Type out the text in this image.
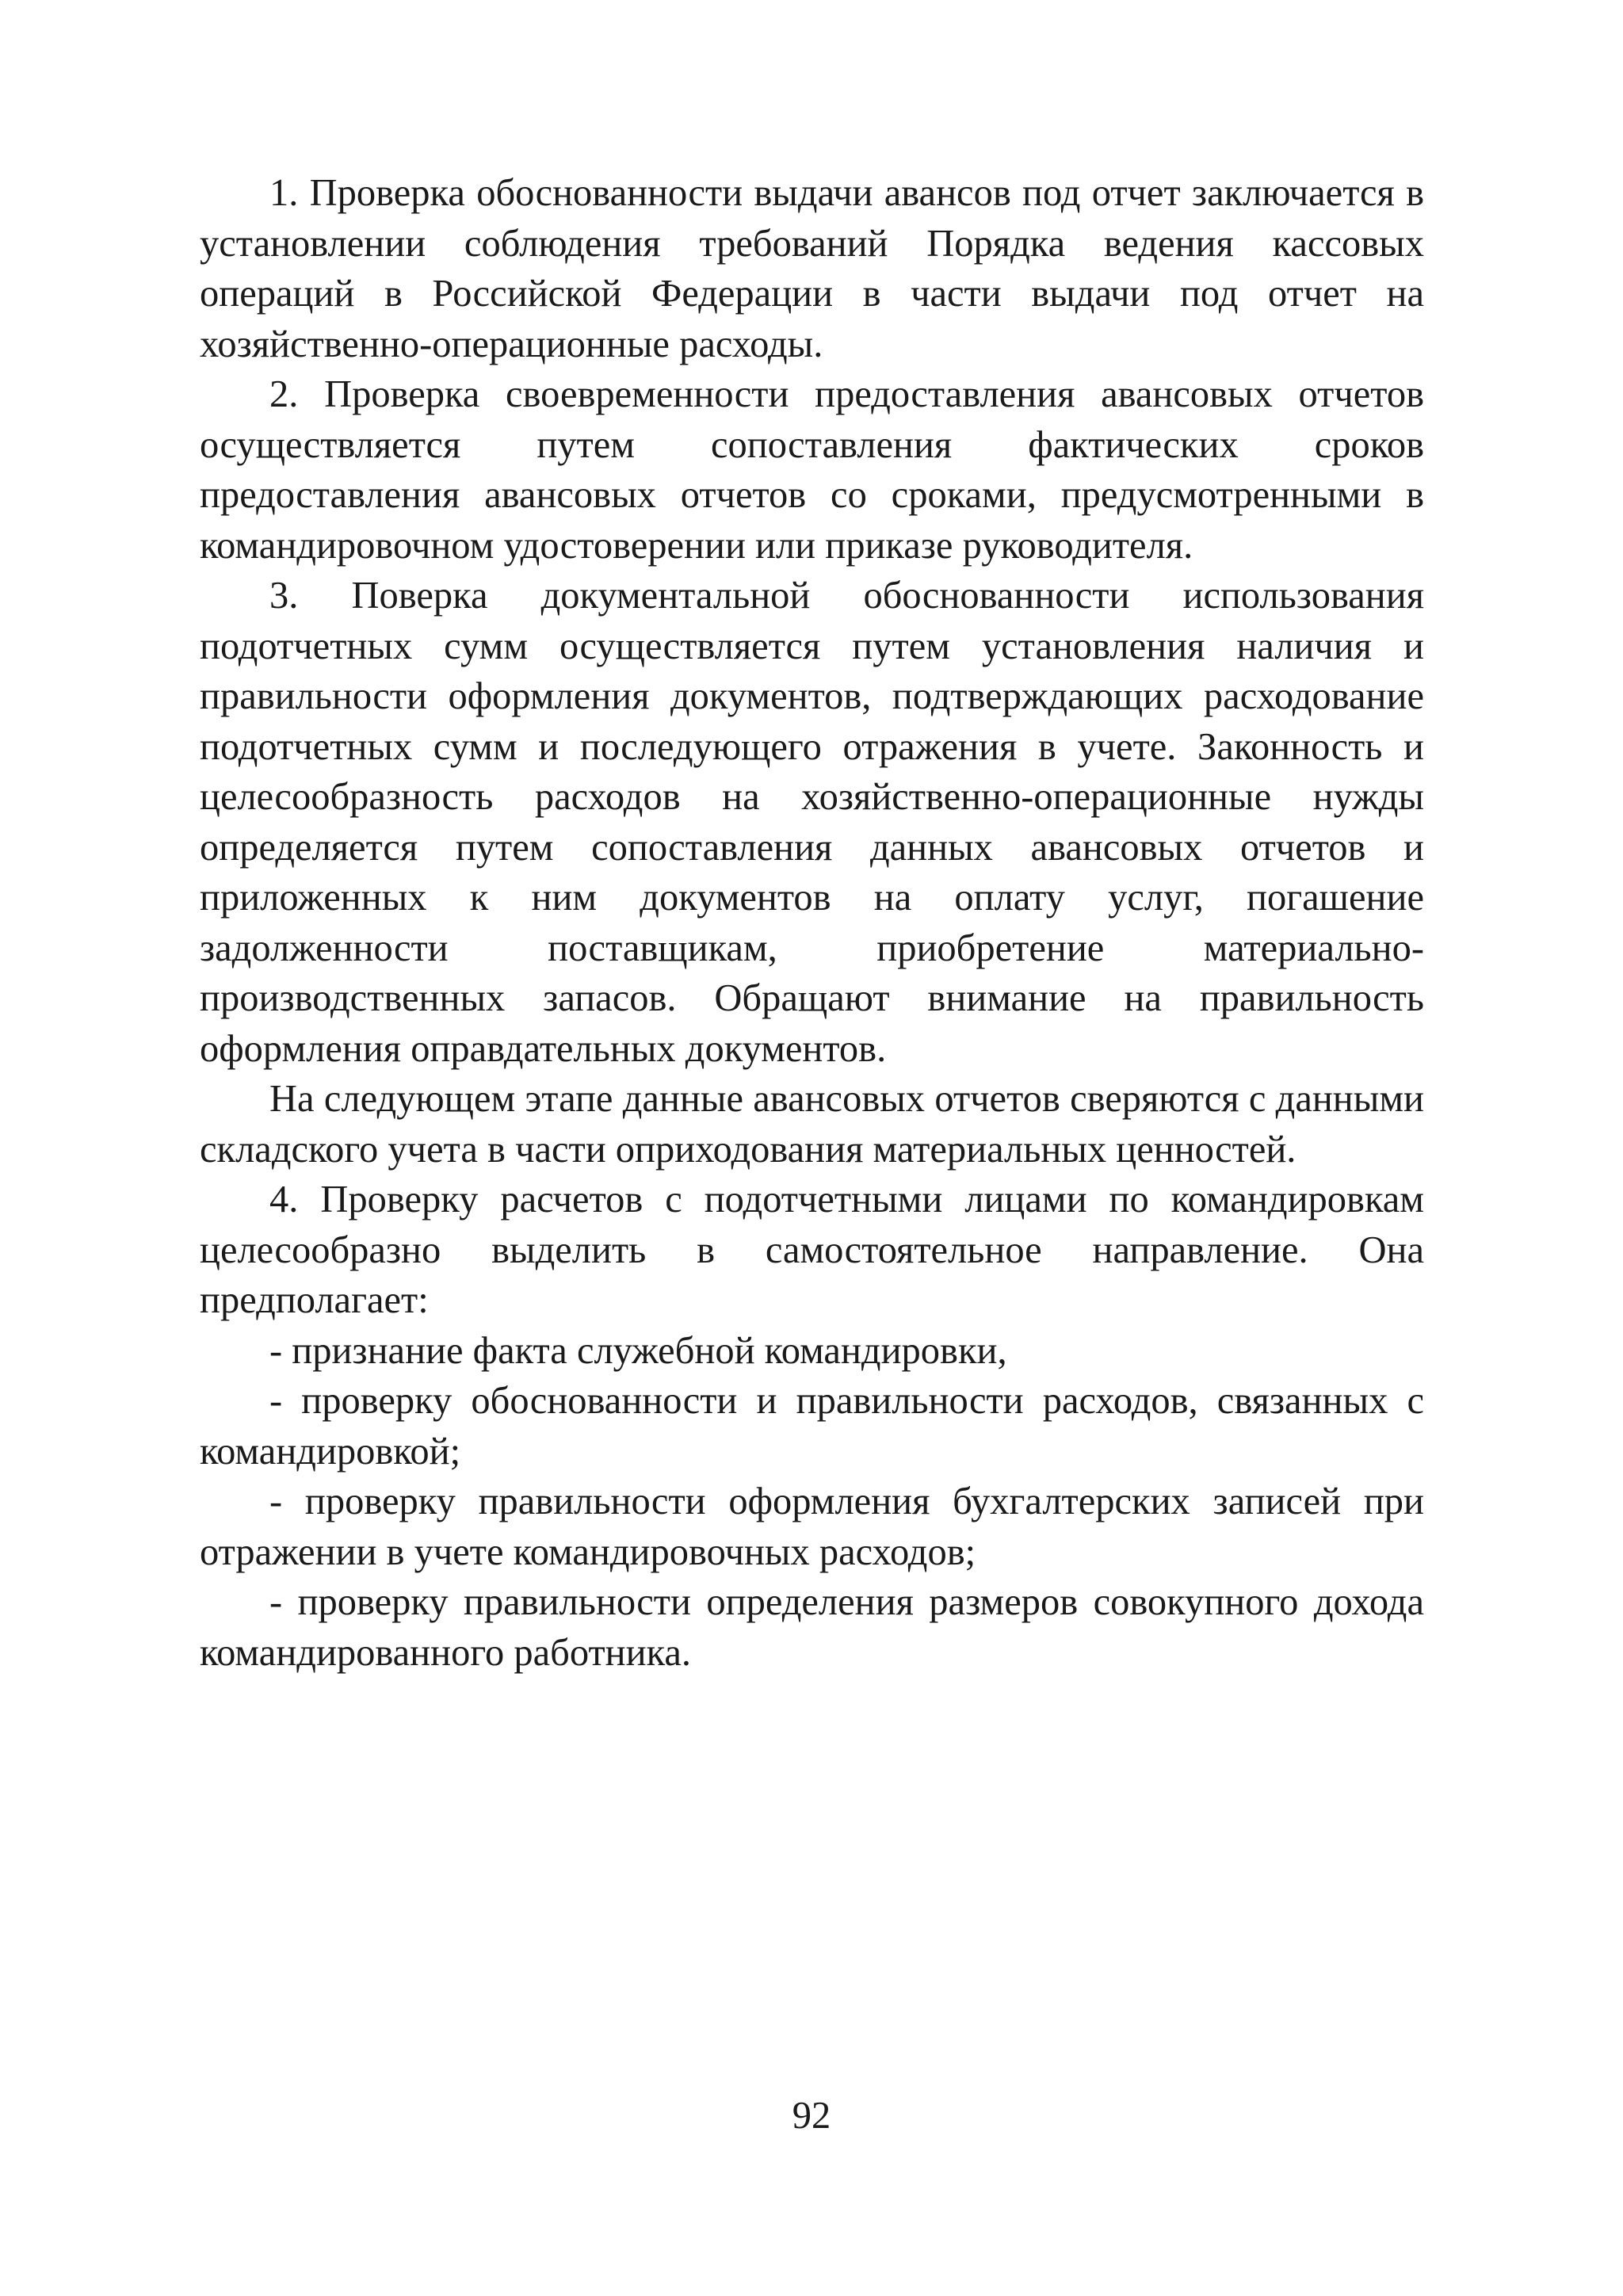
1. Проверка обоснованности выдачи авансов под отчет заключается в установлении соблюдения требований Порядка ведения кассовых операций в Российской Федерации в части выдачи под отчет на хозяйственно-операционные расходы.

2. Проверка своевременности предоставления авансовых отчетов осуществляется путем сопоставления фактических сроков предоставления авансовых отчетов со сроками, предусмотренными в командировочном удостоверении или приказе руководителя.

3. Поверка документальной обоснованности использования подотчетных сумм осуществляется путем установления наличия и правильности оформления документов, подтверждающих расходование подотчетных сумм и последующего отражения в учете. Законность и целесообразность расходов на хозяйственно-операционные нужды определяется путем сопоставления данных авансовых отчетов и приложенных к ним документов на оплату услуг, погашение задолженности поставщикам, приобретение материально-производственных запасов. Обращают внимание на правильность оформления оправдательных документов.

На следующем этапе данные авансовых отчетов сверяются с данными складского учета в части оприходования материальных ценностей.

4. Проверку расчетов с подотчетными лицами по командировкам целесообразно выделить в самостоятельное направление. Она предполагает:

- признание факта служебной командировки,

- проверку обоснованности и правильности расходов, связанных с командировкой;

- проверку правильности оформления бухгалтерских записей при отражении в учете командировочных расходов;

- проверку правильности определения размеров совокупного дохода командированного работника.

92
